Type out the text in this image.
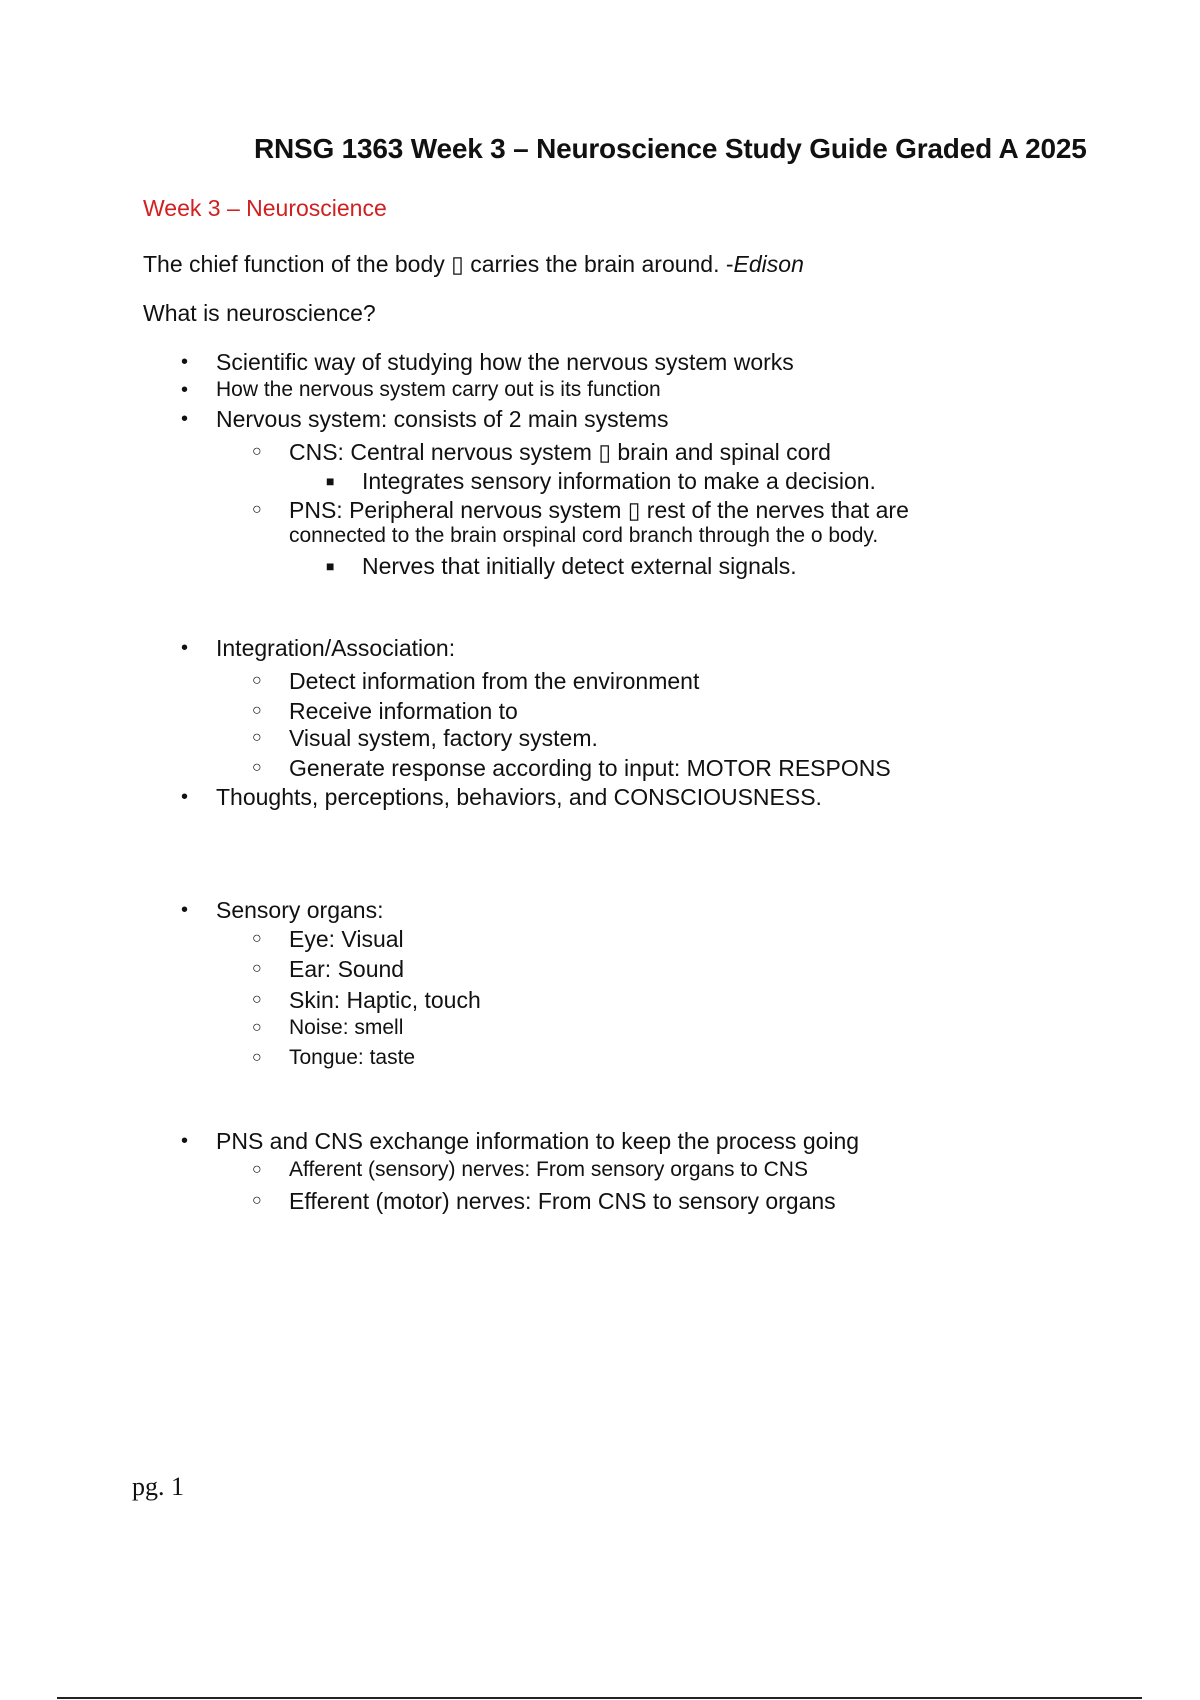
RNSG 1363 Week 3 – Neuroscience Study Guide Graded A 2025
Week 3 – Neuroscience
The chief function of the body ▯ carries the brain around. -Edison
What is neuroscience?
• Scientific way of studying how the nervous system works
• How the nervous system carry out is its function
• Nervous system: consists of 2 main systems
○ CNS: Central nervous system ▯ brain and spinal cord
■ Integrates sensory information to make a decision.
○ PNS: Peripheral nervous system ▯ rest of the nerves that are
connected to the brain orspinal cord branch through the o body.
■ Nerves that initially detect external signals.
• Integration/Association:
○ Detect information from the environment
○ Receive information to
○ Visual system, factory system.
○ Generate response according to input: MOTOR RESPONS
• Thoughts, perceptions, behaviors, and CONSCIOUSNESS.
• Sensory organs:
○ Eye: Visual
○ Ear: Sound
○ Skin: Haptic, touch
○ Noise: smell
○ Tongue: taste
• PNS and CNS exchange information to keep the process going
○ Afferent (sensory) nerves: From sensory organs to CNS
○ Efferent (motor) nerves: From CNS to sensory organs
pg. 1
